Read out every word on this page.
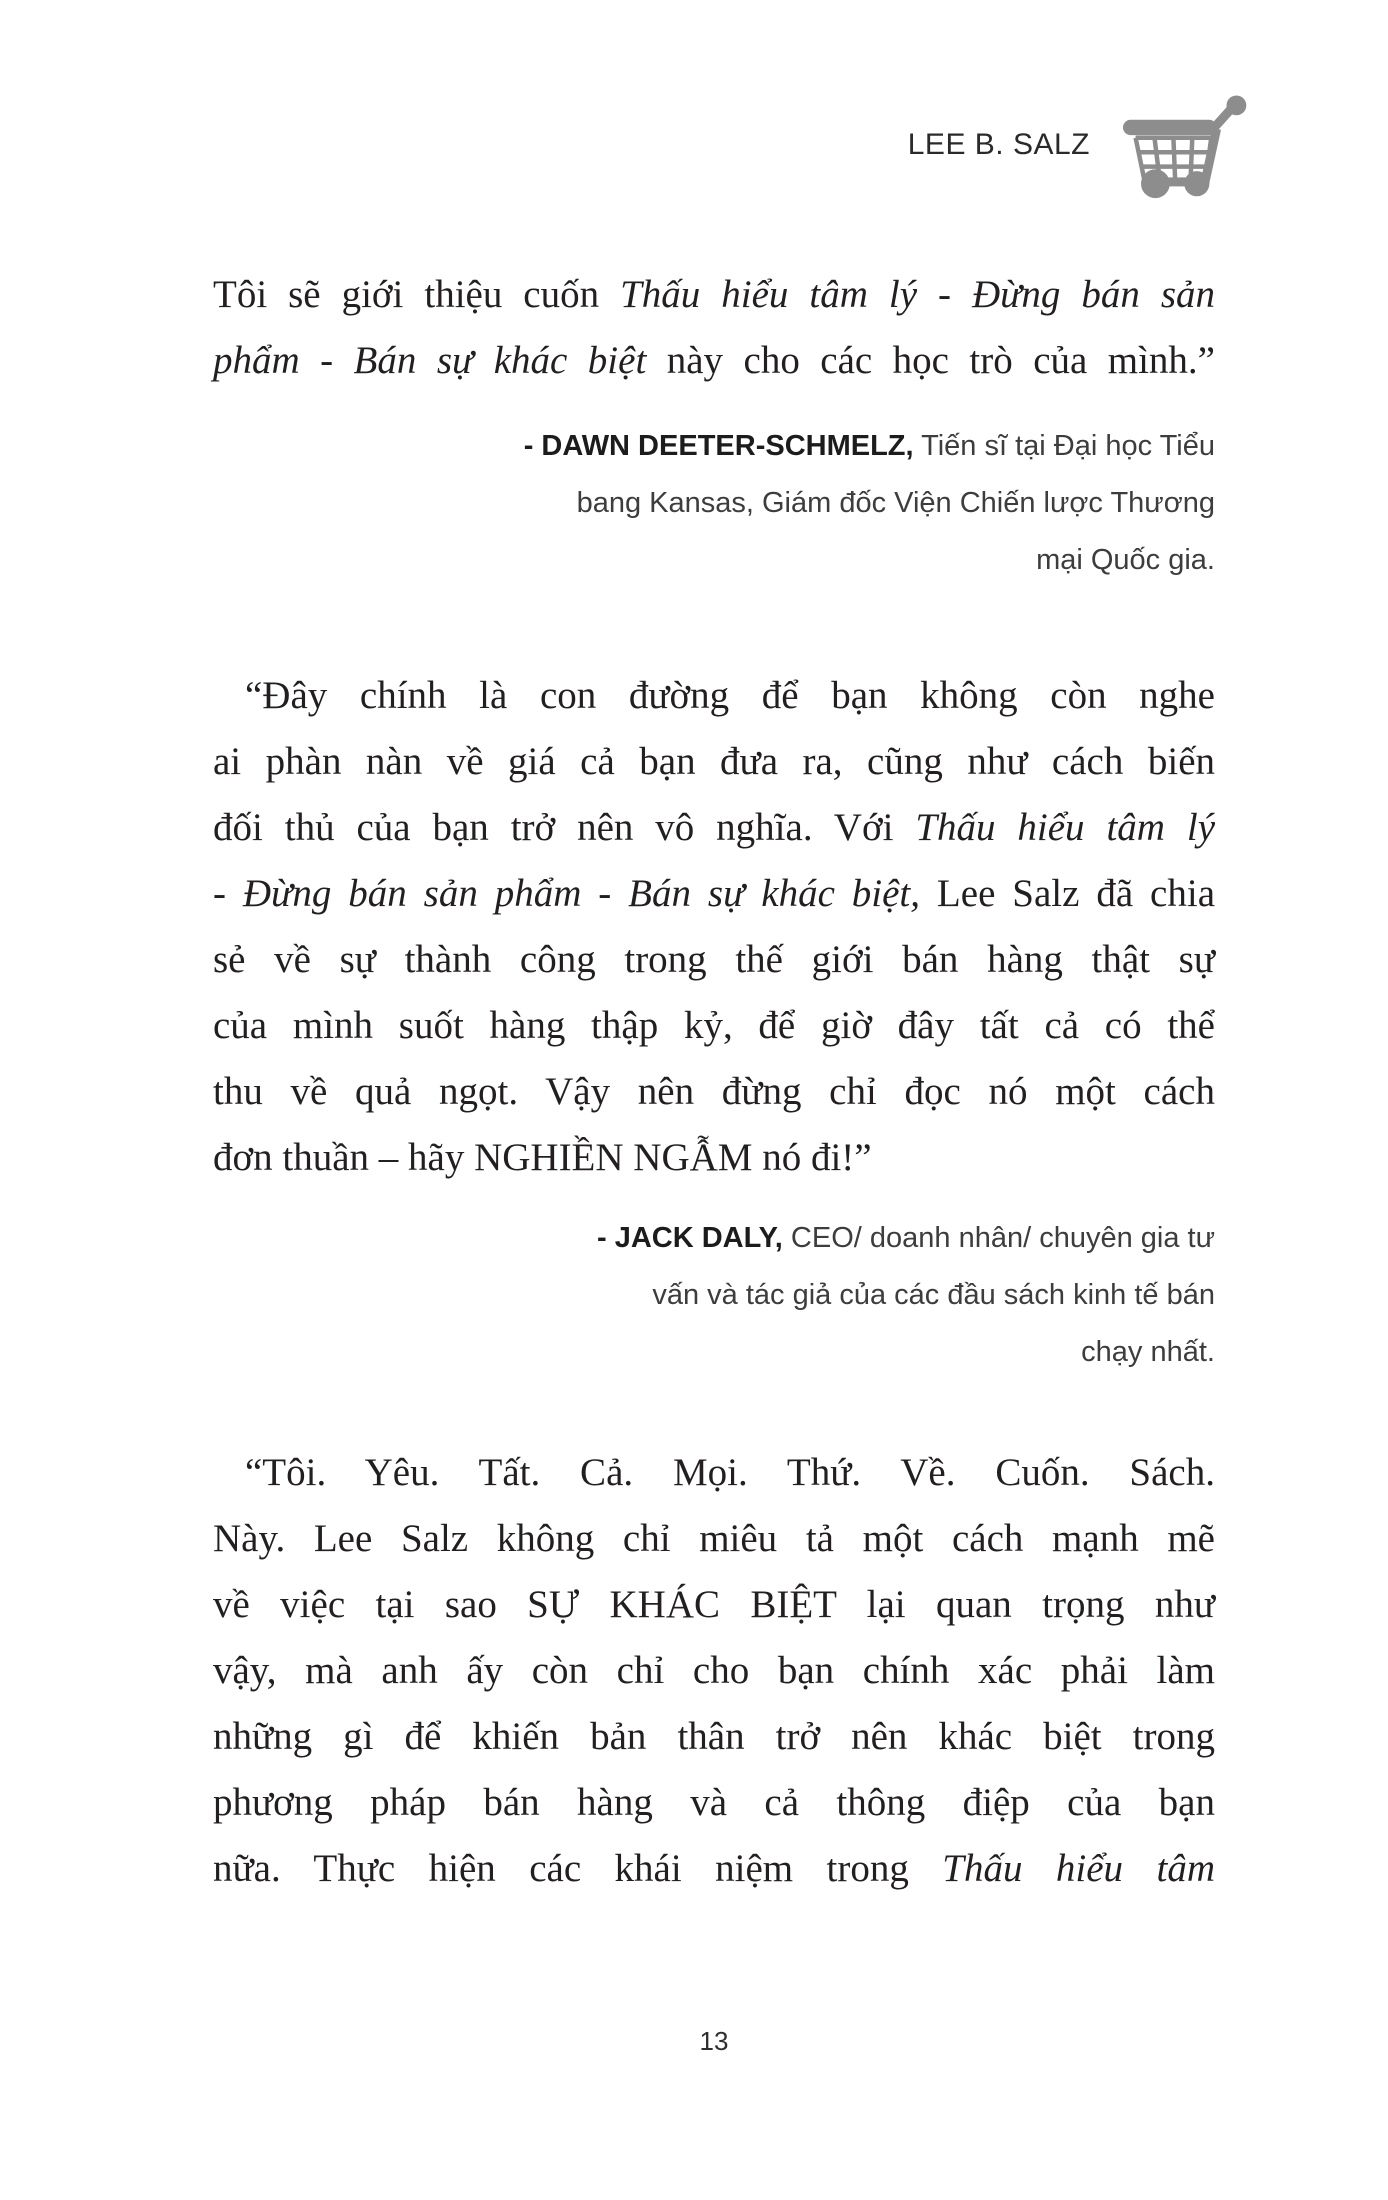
LEE B. SALZ
Tôi sẽ giới thiệu cuốn Thấu hiểu tâm lý - Đừng bán sản
phẩm - Bán sự khác biệt này cho các học trò của mình.”
- DAWN DEETER-SCHMELZ, Tiến sĩ tại Đại học Tiểu
bang Kansas, Giám đốc Viện Chiến lược Thương
mại Quốc gia.
“Đây chính là con đường để bạn không còn nghe
ai phàn nàn về giá cả bạn đưa ra, cũng như cách biến
đối thủ của bạn trở nên vô nghĩa. Với Thấu hiểu tâm lý
- Đừng bán sản phẩm - Bán sự khác biệt, Lee Salz đã chia
sẻ về sự thành công trong thế giới bán hàng thật sự
của mình suốt hàng thập kỷ, để giờ đây tất cả có thể
thu về quả ngọt. Vậy nên đừng chỉ đọc nó một cách
đơn thuần – hãy NGHIỀN NGẪM nó đi!”
- JACK DALY, CEO/ doanh nhân/ chuyên gia tư
vấn và tác giả của các đầu sách kinh tế bán
chạy nhất.
“Tôi. Yêu. Tất. Cả. Mọi. Thứ. Về. Cuốn. Sách.
Này. Lee Salz không chỉ miêu tả một cách mạnh mẽ
về việc tại sao SỰ KHÁC BIỆT lại quan trọng như
vậy, mà anh ấy còn chỉ cho bạn chính xác phải làm
những gì để khiến bản thân trở nên khác biệt trong
phương pháp bán hàng và cả thông điệp của bạn
nữa. Thực hiện các khái niệm trong Thấu hiểu tâm
13
